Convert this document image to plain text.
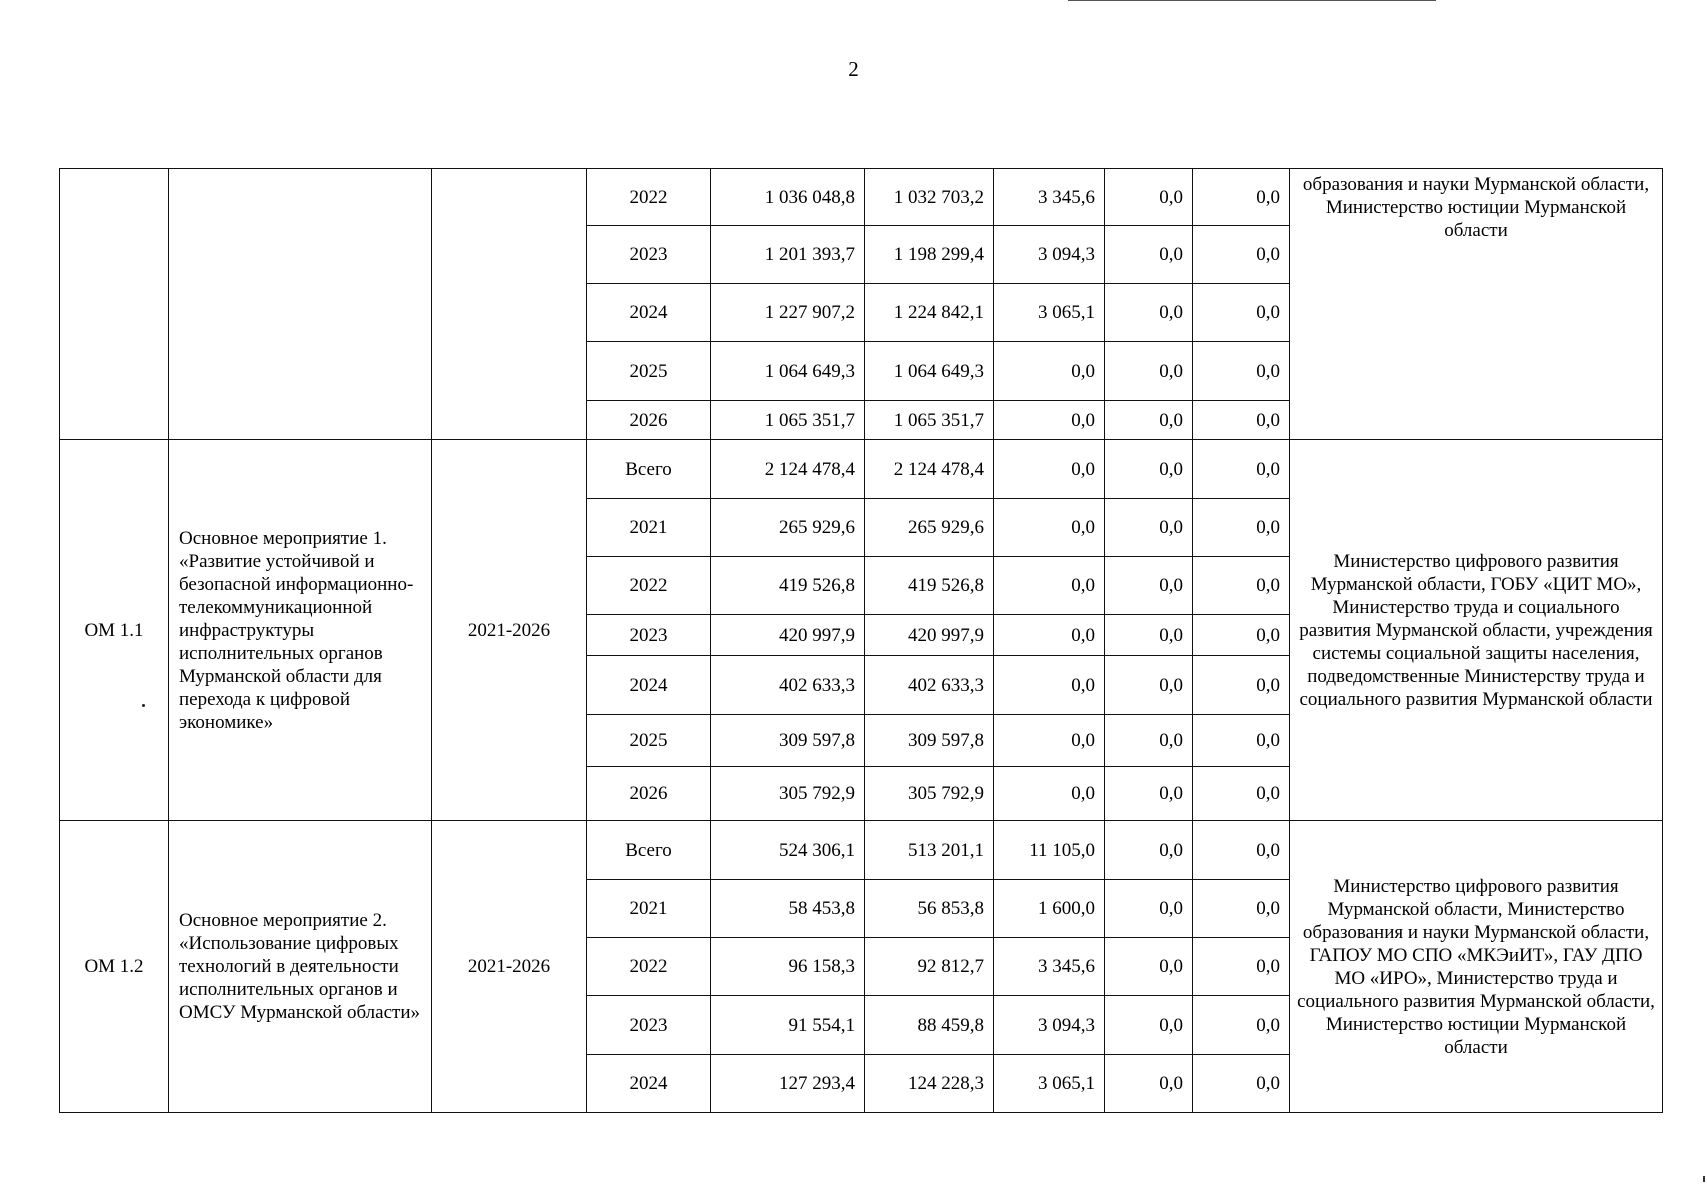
2
			2022	1 036 048,8	1 032 703,2	3 345,6	0,0	0,0	образования и науки Мурманской области, Министерство юстиции Мурманской области
			2023	1 201 393,7	1 198 299,4	3 094,3	0,0	0,0	
			2024	1 227 907,2	1 224 842,1	3 065,1	0,0	0,0	
			2025	1 064 649,3	1 064 649,3	0,0	0,0	0,0	
			2026	1 065 351,7	1 065 351,7	0,0	0,0	0,0	
ОМ 1.1	Основное мероприятие 1. «Развитие устойчивой и безопасной информационно-телекоммуникационной инфраструктуры исполнительных органов Мурманской области для перехода к цифровой экономике»	2021-2026	Всего	2 124 478,4	2 124 478,4	0,0	0,0	0,0	Министерство цифрового развития Мурманской области, ГОБУ «ЦИТ МО», Министерство труда и социального развития Мурманской области, учреждения системы социальной защиты населения, подведомственные Министерству труда и социального развития Мурманской области
			2021	265 929,6	265 929,6	0,0	0,0	0,0	
			2022	419 526,8	419 526,8	0,0	0,0	0,0	
			2023	420 997,9	420 997,9	0,0	0,0	0,0	
			2024	402 633,3	402 633,3	0,0	0,0	0,0	
			2025	309 597,8	309 597,8	0,0	0,0	0,0	
			2026	305 792,9	305 792,9	0,0	0,0	0,0	
ОМ 1.2	Основное мероприятие 2. «Использование цифровых технологий в деятельности исполнительных органов и ОМСУ Мурманской области»	2021-2026	Всего	524 306,1	513 201,1	11 105,0	0,0	0,0	Министерство цифрового развития Мурманской области, Министерство образования и науки Мурманской области, ГАПОУ МО СПО «МКЭиИТ», ГАУ ДПО МО «ИРО», Министерство труда и социального развития Мурманской области, Министерство юстиции Мурманской области
			2021	58 453,8	56 853,8	1 600,0	0,0	0,0	
			2022	96 158,3	92 812,7	3 345,6	0,0	0,0	
			2023	91 554,1	88 459,8	3 094,3	0,0	0,0	
			2024	127 293,4	124 228,3	3 065,1	0,0	0,0	
